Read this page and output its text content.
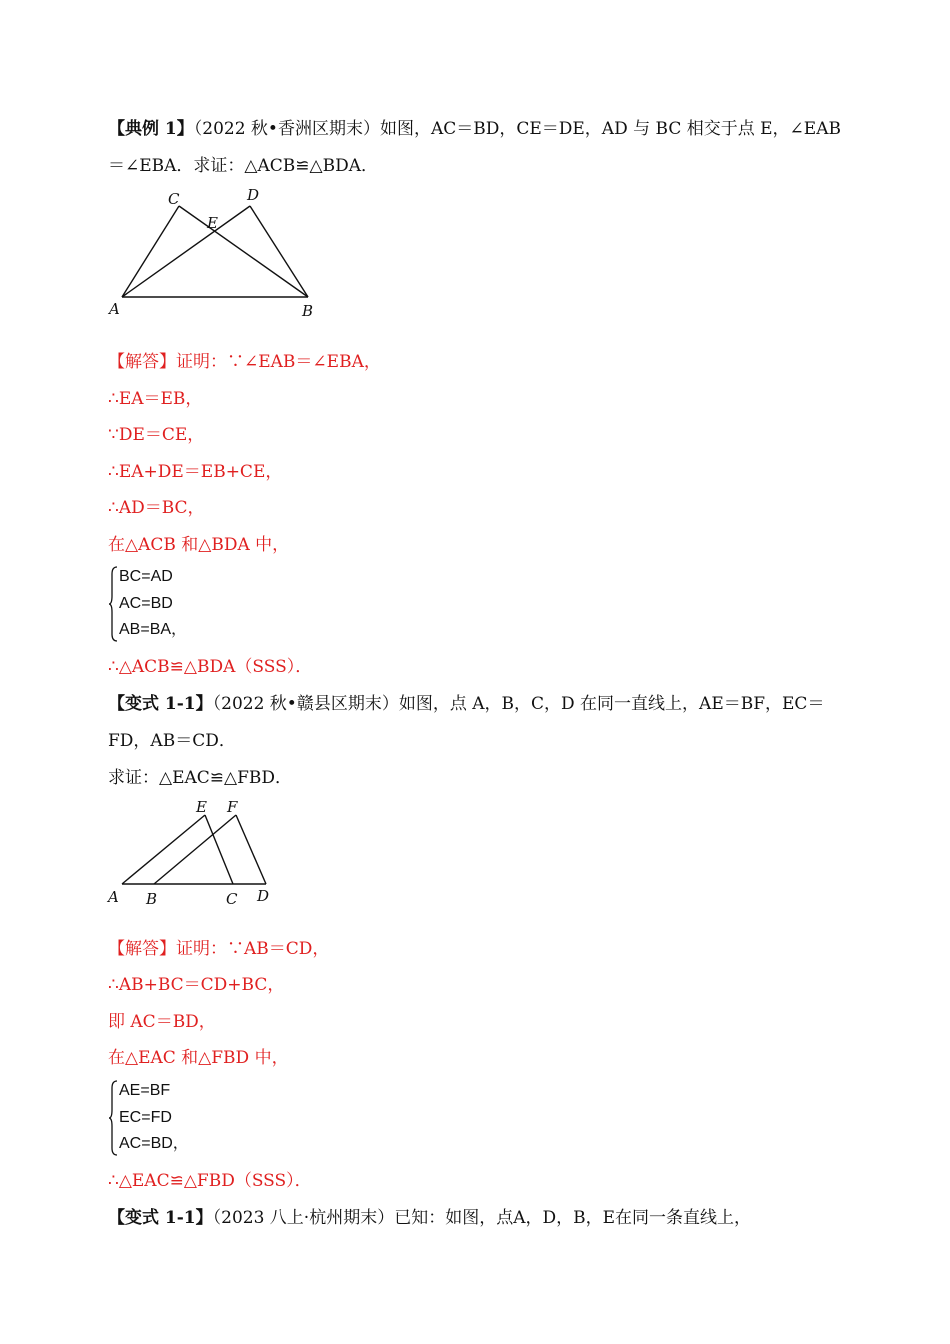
【典例 1】（2022 秋•香洲区期末）如图，AC＝BD，CE＝DE，AD 与 BC 相交于点 E，∠EAB
＝∠EBA．求证：△ACB≌△BDA．
A	B
C	D
E
【解答】证明：∵∠EAB＝∠EBA，
∴EA＝EB，
∵DE＝CE，
∴EA+DE＝EB+CE，
∴AD＝BC，
在△ACB 和△BDA 中，
BC=AD
AC=BD
AB=BA，
∴△ACB≌△BDA（SSS）．
【变式 1-1】（2022 秋•赣县区期末）如图，点 A，B，C，D 在同一直线上，AE＝BF，EC＝
FD，AB＝CD．
求证：△EAC≌△FBD．
A B	C D
E F
【解答】证明：∵AB＝CD，
∴AB+BC＝CD+BC，
即 AC＝BD，
在△EAC 和△FBD 中，
AE=BF
EC=FD
AC=BD，
∴△EAC≌△FBD（SSS）．
【变式 1-1】（2023 八上·杭州期末）已知：如图，点A，D，B，E在同一条直线上，
